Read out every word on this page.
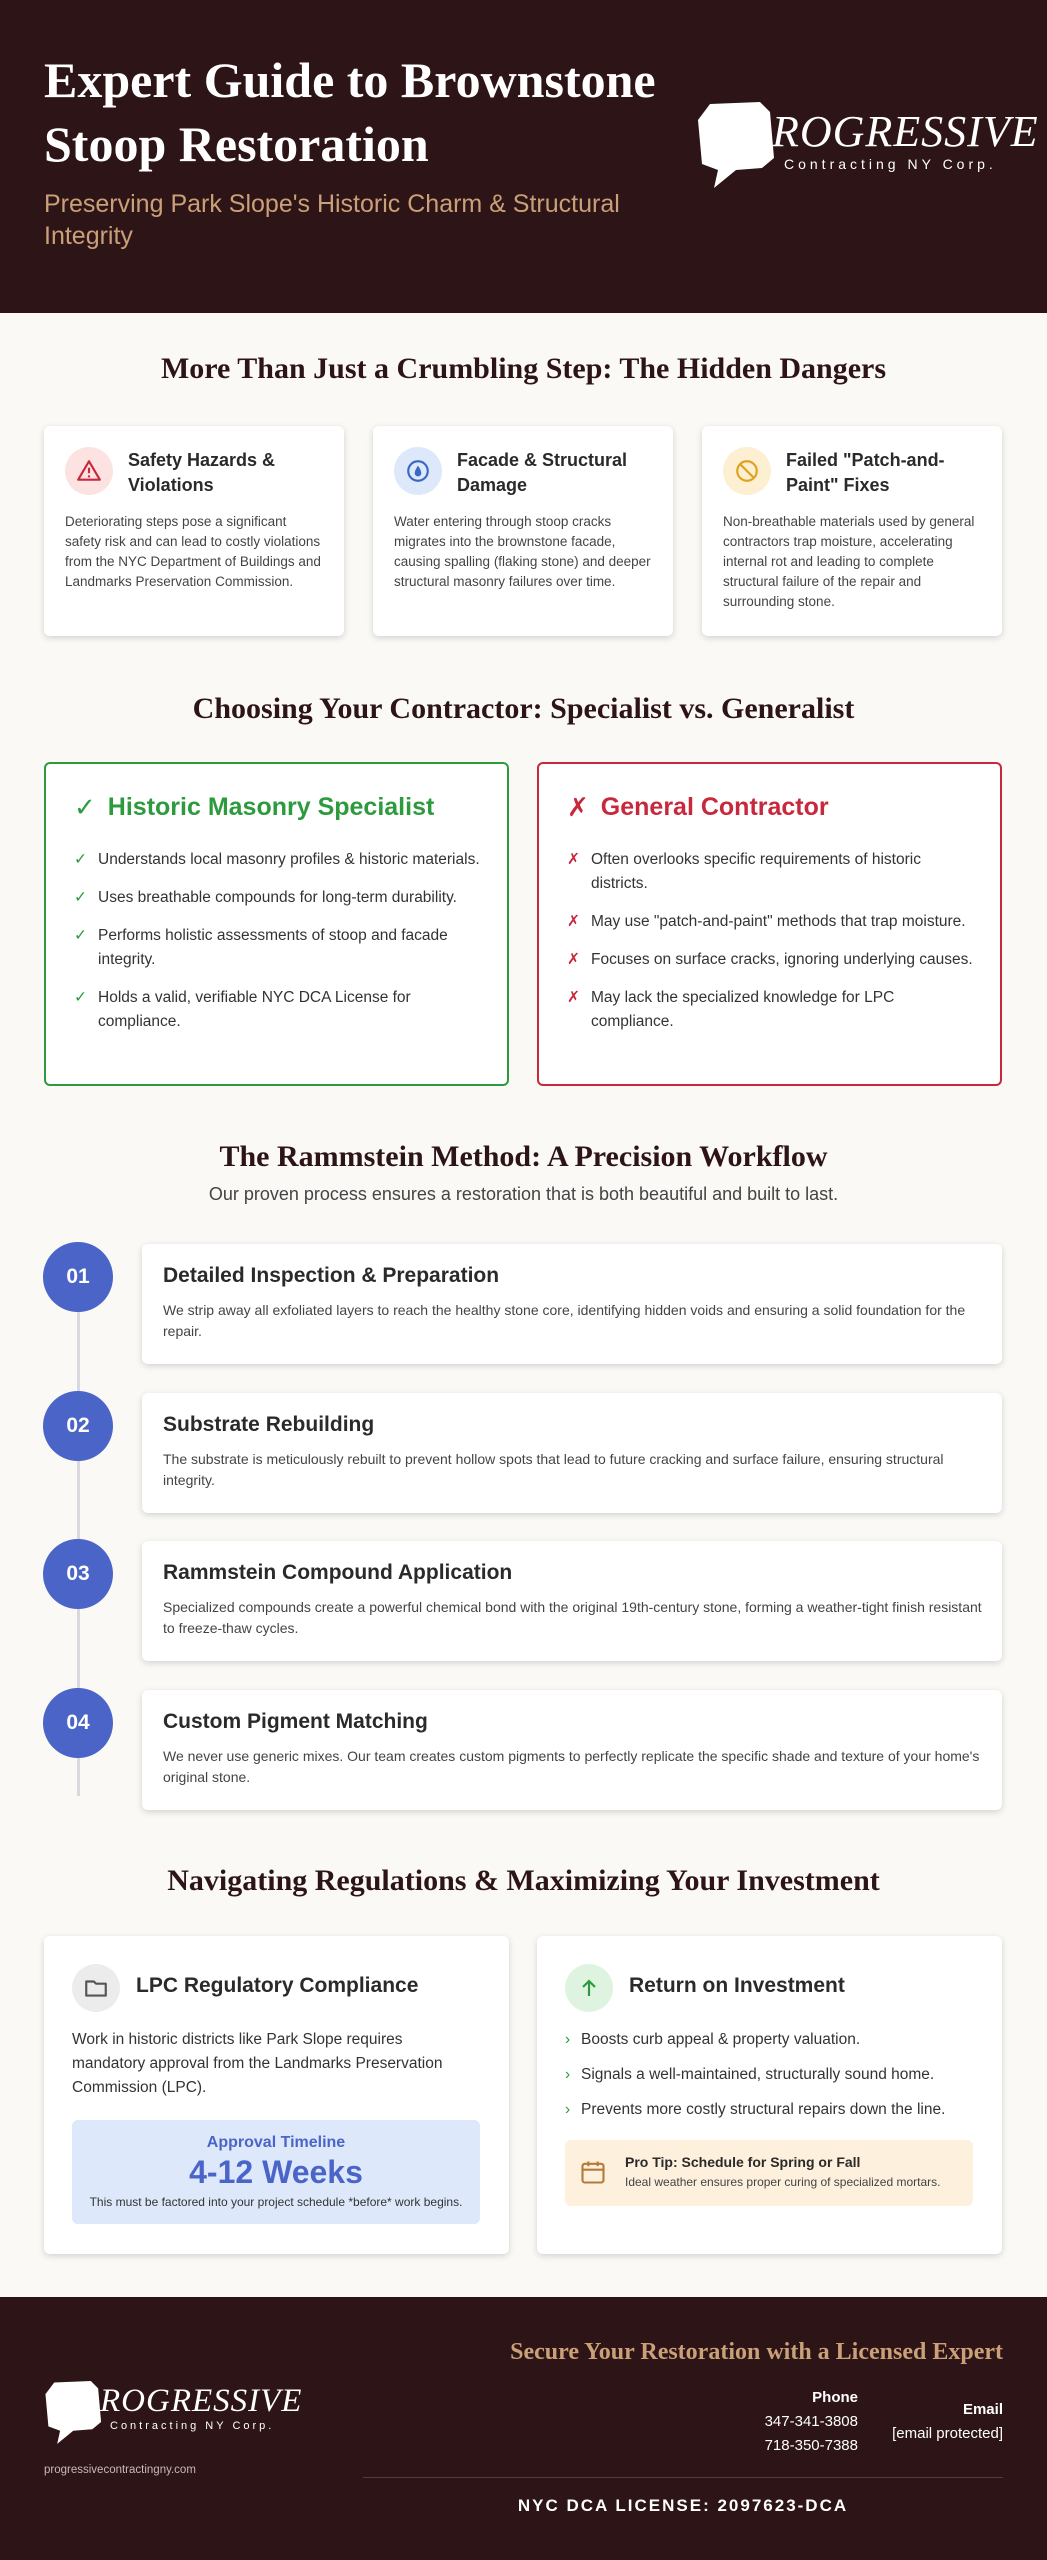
Expert Guide to Brownstone Stoop Restoration

Preserving Park Slope's Historic Charm & Structural Integrity

ROGRESSIVE
Contracting NY Corp.
More Than Just a Crumbling Step: The Hidden Dangers
Safety Hazards & Violations
Deteriorating steps pose a significant safety risk and can lead to costly violations from the NYC Department of Buildings and Landmarks Preservation Commission.
Facade & Structural Damage
Water entering through stoop cracks migrates into the brownstone facade, causing spalling (flaking stone) and deeper structural masonry failures over time.
Failed "Patch-and-Paint" Fixes
Non-breathable materials used by general contractors trap moisture, accelerating internal rot and leading to complete structural failure of the repair and surrounding stone.
Choosing Your Contractor: Specialist vs. Generalist
✓ Historic Masonry Specialist
✓ Understands local masonry profiles & historic materials.
✓ Uses breathable compounds for long-term durability.
✓ Performs holistic assessments of stoop and facade integrity.
✓ Holds a valid, verifiable NYC DCA License for compliance.
✗ General Contractor
✗ Often overlooks specific requirements of historic districts.
✗ May use "patch-and-paint" methods that trap moisture.
✗ Focuses on surface cracks, ignoring underlying causes.
✗ May lack the specialized knowledge for LPC compliance.
The Rammstein Method: A Precision Workflow

Our proven process ensures a restoration that is both beautiful and built to last.

01	Detailed Inspection & Preparation
We strip away all exfoliated layers to reach the healthy stone core, identifying hidden voids and ensuring a solid foundation for the repair.
02	Substrate Rebuilding
The substrate is meticulously rebuilt to prevent hollow spots that lead to future cracking and surface failure, ensuring structural integrity.
03	Rammstein Compound Application
Specialized compounds create a powerful chemical bond with the original 19th-century stone, forming a weather-tight finish resistant to freeze-thaw cycles.
04	Custom Pigment Matching
We never use generic mixes. Our team creates custom pigments to perfectly replicate the specific shade and texture of your home's original stone.
Navigating Regulations & Maximizing Your Investment
LPC Regulatory Compliance
Work in historic districts like Park Slope requires mandatory approval from the Landmarks Preservation Commission (LPC).
Approval Timeline
4-12 Weeks
This must be factored into your project schedule *before* work begins.
Return on Investment
› Boosts curb appeal & property valuation.
› Signals a well-maintained, structurally sound home.
› Prevents more costly structural repairs down the line.
Pro Tip: Schedule for Spring or Fall
Ideal weather ensures proper curing of specialized mortars.
Secure Your Restoration with a Licensed Expert
ROGRESSIVE
Contracting NY Corp.
progressivecontractingny.com
Phone
347-341-3808
718-350-7388
Email
[email protected]
NYC DCA LICENSE: 2097623-DCA
